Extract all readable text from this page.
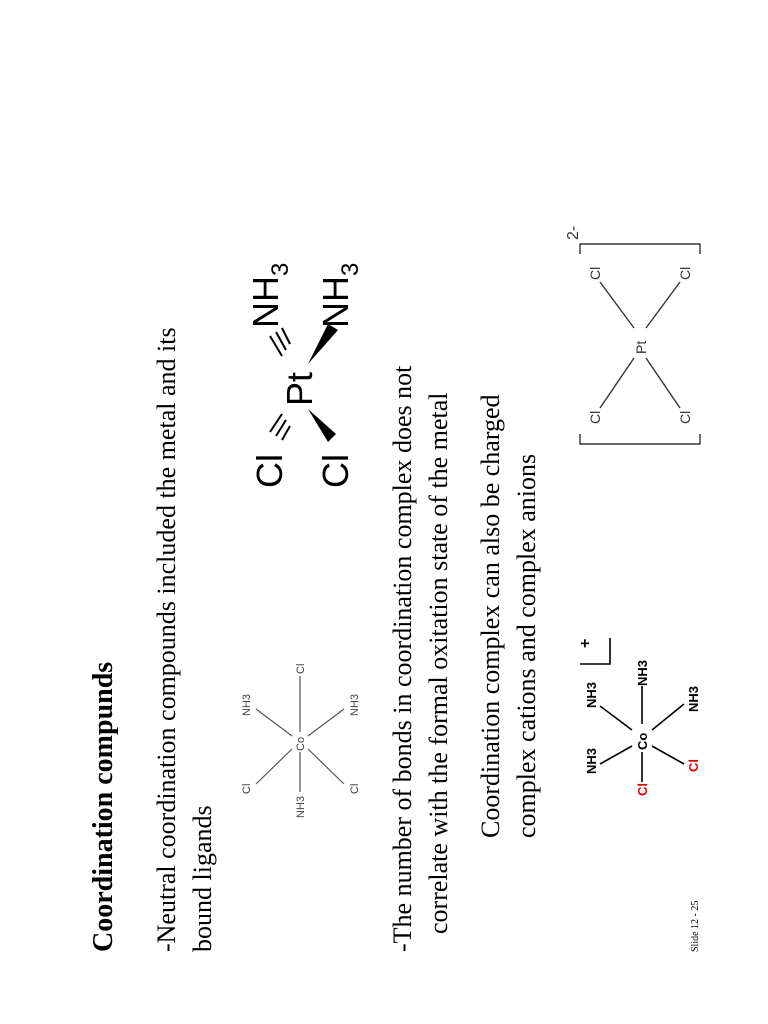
Coordination compunds -Neutral coordination compounds included the metal and its bound ligands	-The number of bonds in coordination complex does not correlate with the formal oxitation state of the metal Coordination complex can also be charged complex cations and complex anions
Slide 12 - 25
Co
NH3
Cl
Cl
NH3
Cl
NH3
Pt
Cl Cl
$NH_3$
$NH_3$
Co
NH3
NH3
NH3
NH3
Cl
Cl
+
Pt
Cl
Cl
Cl
Cl
2-
